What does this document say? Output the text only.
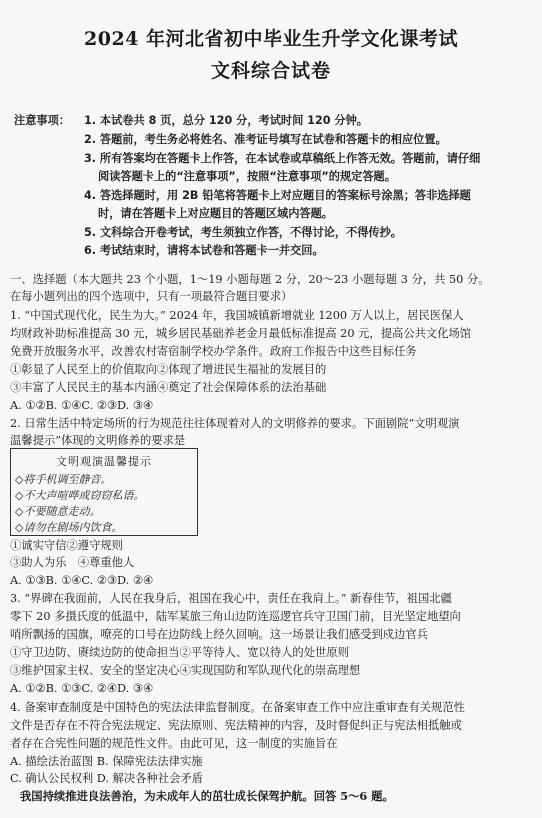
2024 年河北省初中毕业生升学文化课考试
文科综合试卷
注意事项： 1. 本试卷共 8 页，总分 120 分，考试时间 120 分钟。
2. 答题前，考生务必将姓名、准考证号填写在试卷和答题卡的相应位置。
3. 所有答案均在答题卡上作答，在本试卷或草稿纸上作答无效。答题前，请仔细
阅读答题卡上的“注意事项”，按照“注意事项”的规定答题。
4. 答选择题时，用 2B 铅笔将答题卡上对应题目的答案标号涂黑；答非选择题
时，请在答题卡上对应题目的答题区域内答题。
5. 文科综合开卷考试，考生须独立作答，不得讨论，不得传抄。
6. 考试结束时，请将本试卷和答题卡一并交回。
一、选择题（本大题共 23 个小题，1～19 小题每题 2 分，20～23 小题每题 3 分，共 50 分。
在每小题列出的四个选项中，只有一项最符合题目要求）
1. “中国式现代化，民生为大。” 2024 年，我国城镇新增就业 1200 万人以上，居民医保人
均财政补助标准提高 30 元，城乡居民基础养老金月最低标准提高 20 元，提高公共文化场馆
免费开放服务水平，改善农村寄宿制学校办学条件。政府工作报告中这些目标任务
①彰显了人民至上的价值取向②体现了增进民生福祉的发展目的
③丰富了人民民主的基本内涵④奠定了社会保障体系的法治基础
A. ①②B. ①④C. ②③D. ③④
2. 日常生活中特定场所的行为规范往往体现着对人的文明修养的要求。下面剧院“文明观演
温馨提示”体现的文明修养的要求是
①诚实守信②遵守规则
③助人为乐　④尊重他人
A. ①③B. ①④C. ②③D. ②④
3. “界碑在我面前，人民在我身后，祖国在我心中，责任在我肩上。” 新春佳节，祖国北疆
零下 20 多摄氏度的低温中，陆军某旅三角山边防连巡逻官兵守卫国门前，目光坚定地望向
哨所飘扬的国旗，嘹亮的口号在边防线上经久回响。这一场景让我们感受到戍边官兵
①守卫边防、赓续边防的使命担当②平等待人、宽以待人的处世原则
③维护国家主权、安全的坚定决心④实现国防和军队现代化的崇高理想
A. ①②B. ①③C. ②④D. ③④
4. 备案审查制度是中国特色的宪法法律监督制度。在备案审查工作中应注重审查有关规范性
文件是否存在不符合宪法规定、宪法原则、宪法精神的内容，及时督促纠正与宪法相抵触或
者存在合宪性问题的规范性文件。由此可见，这一制度的实施旨在
A. 描绘法治蓝图 B. 保障宪法法律实施
C. 确认公民权利 D. 解决各种社会矛盾
文明观演温馨提示
◇将手机调至静音。
◇不大声喧哗或窃窃私语。
◇不要随意走动。
◇请勿在剧场内饮食。
我国持续推进良法善治，为未成年人的茁壮成长保驾护航。回答 5～6 题。
